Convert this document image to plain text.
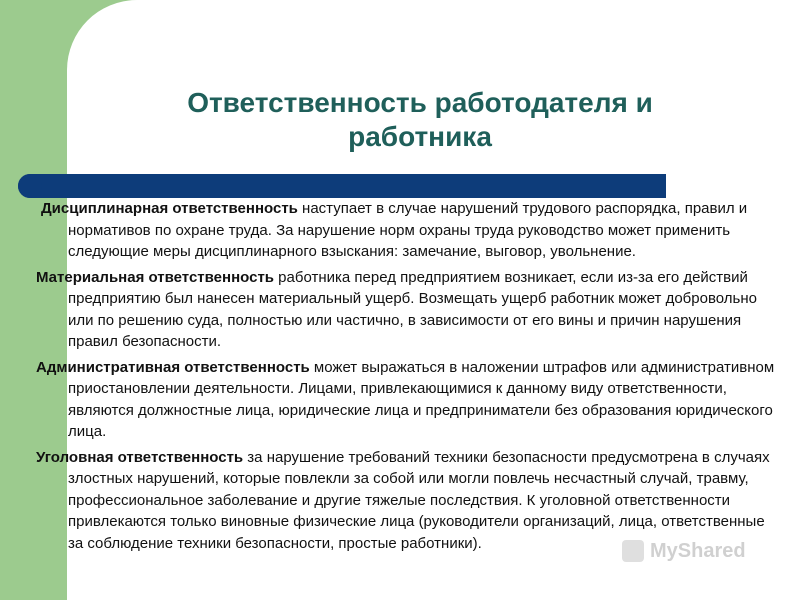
Ответственность работодателя и
работника

Дисциплинарная ответственность наступает в случае нарушений трудового распорядка, правил и нормативов по охране труда. За нарушение норм охраны труда руководство может применить следующие меры дисциплинарного взыскания: замечание, выговор, увольнение.

Материальная ответственность работника перед предприятием возникает, если из-за его действий предприятию был нанесен материальный ущерб. Возмещать ущерб работник может добровольно или по решению суда, полностью или частично, в зависимости от его вины и причин нарушения правил безопасности.

Административная ответственность может выражаться в наложении штрафов или административном приостановлении деятельности. Лицами, привлекающимися к данному виду ответственности, являются должностные лица, юридические лица и предприниматели без образования юридического лица.

Уголовная ответственность за нарушение требований техники безопасности предусмотрена в случаях злостных нарушений, которые повлекли за собой или могли повлечь несчастный случай, травму, профессиональное заболевание и другие тяжелые последствия. К уголовной ответственности привлекаются только виновные физические лица (руководители организаций, лица, ответственные за соблюдение техники безопасности, простые работники).	MyShared
